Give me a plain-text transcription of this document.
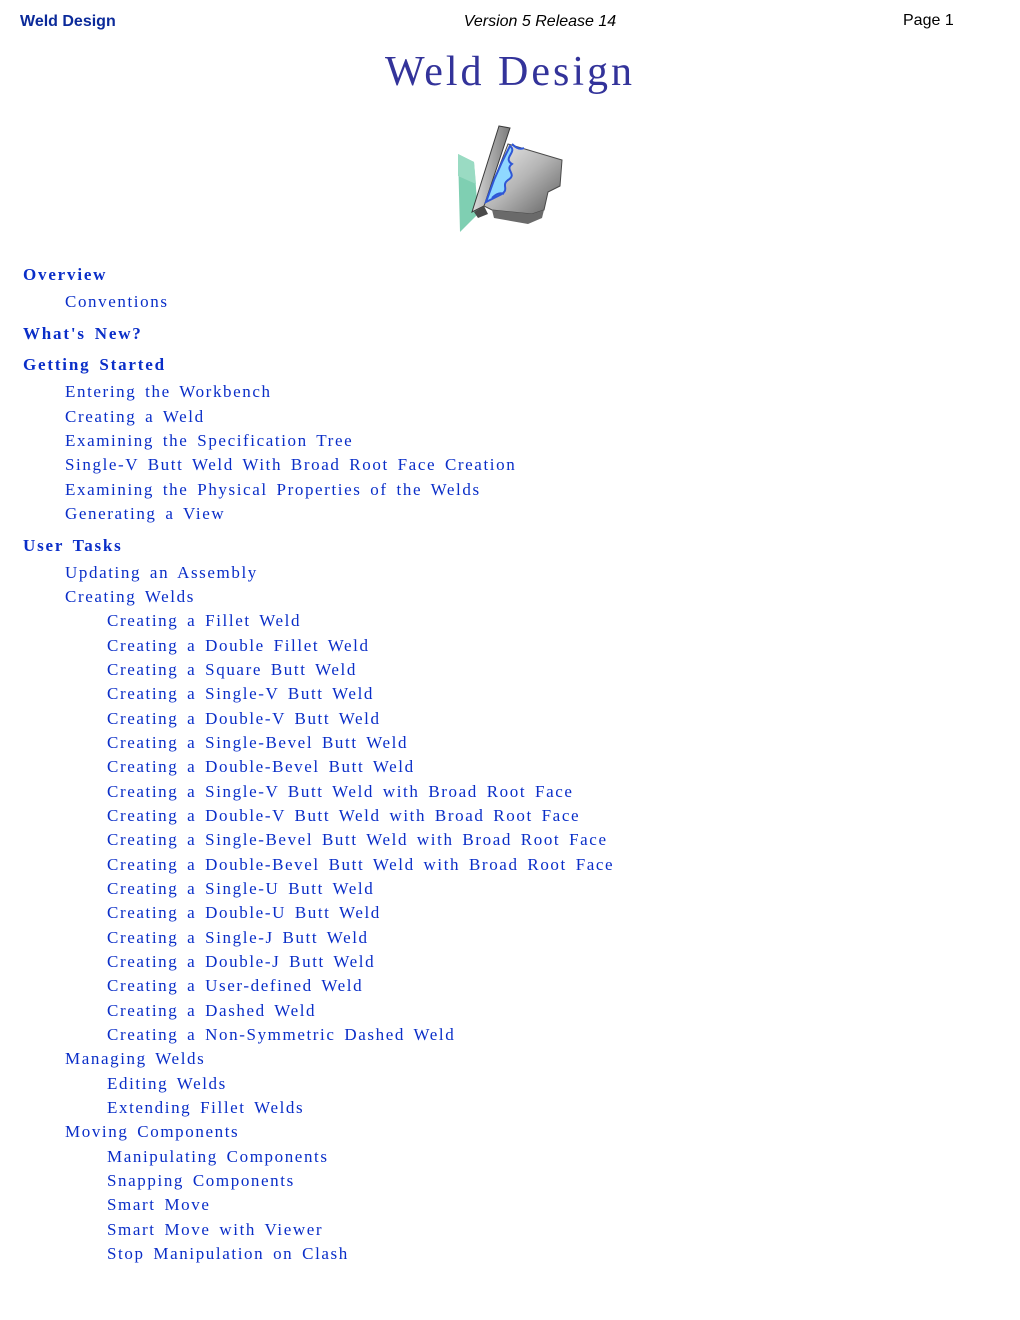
Weld Design	Version 5 Release 14	Page 1
Weld Design
Overview
Conventions
What's New?
Getting Started
Entering the Workbench
Creating a Weld
Examining the Specification Tree
Single-V Butt Weld With Broad Root Face Creation
Examining the Physical Properties of the Welds
Generating a View
User Tasks
Updating an Assembly
Creating Welds
Creating a Fillet Weld
Creating a Double Fillet Weld
Creating a Square Butt Weld
Creating a Single-V Butt Weld
Creating a Double-V Butt Weld
Creating a Single-Bevel Butt Weld
Creating a Double-Bevel Butt Weld
Creating a Single-V Butt Weld with Broad Root Face
Creating a Double-V Butt Weld with Broad Root Face
Creating a Single-Bevel Butt Weld with Broad Root Face
Creating a Double-Bevel Butt Weld with Broad Root Face
Creating a Single-U Butt Weld
Creating a Double-U Butt Weld
Creating a Single-J Butt Weld
Creating a Double-J Butt Weld
Creating a User-defined Weld
Creating a Dashed Weld
Creating a Non-Symmetric Dashed Weld
Managing Welds
Editing Welds
Extending Fillet Welds
Moving Components
Manipulating Components
Snapping Components
Smart Move
Smart Move with Viewer
Stop Manipulation on Clash
